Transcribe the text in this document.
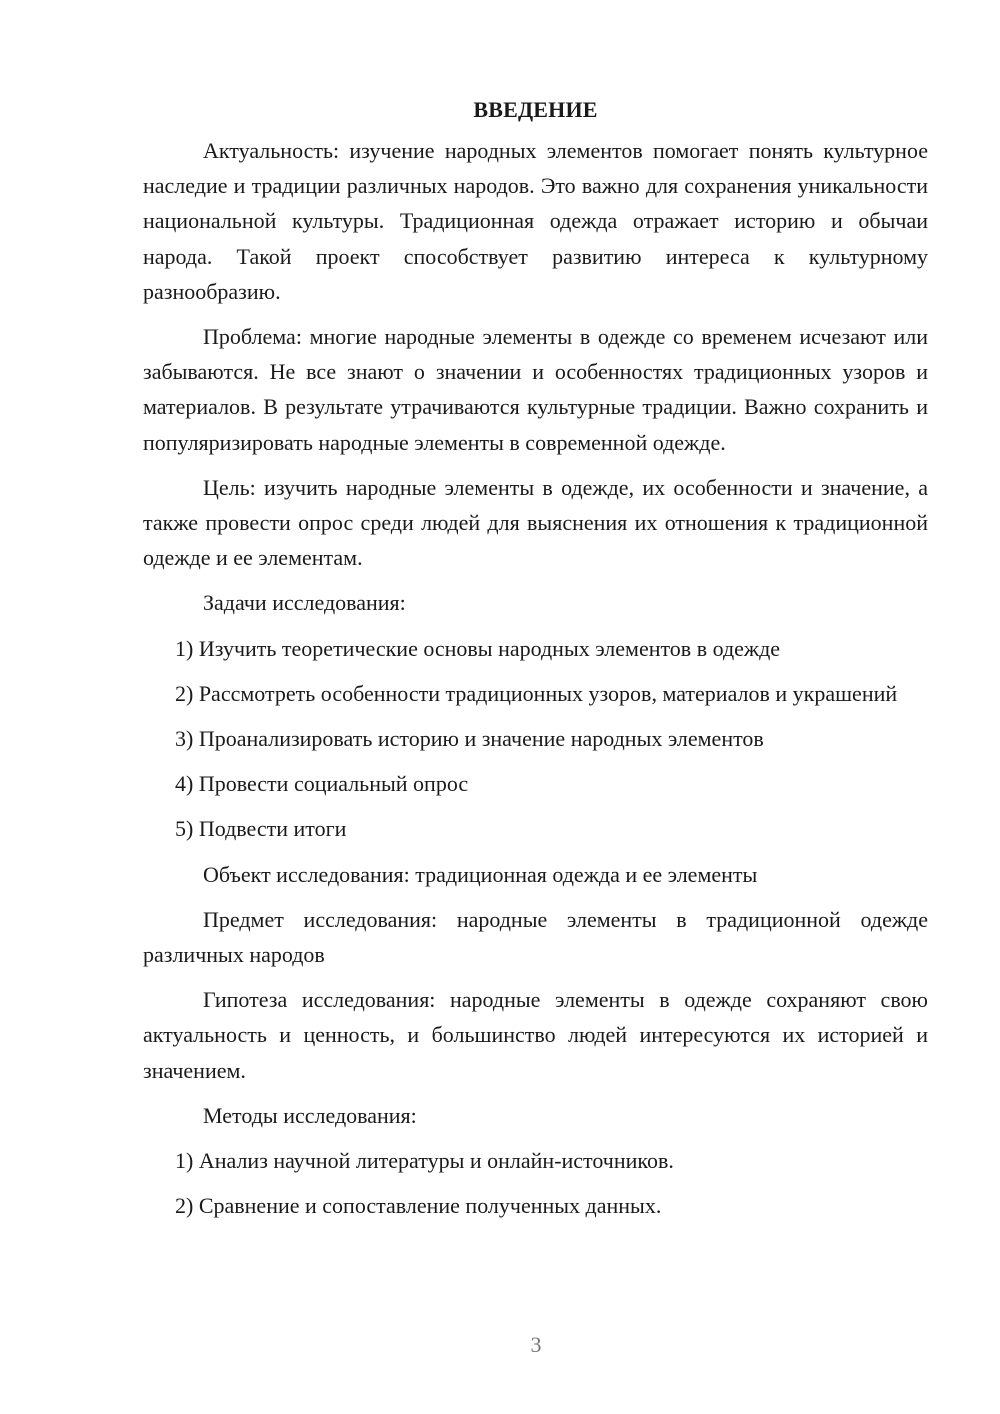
ВВЕДЕНИЕ

Актуальность: изучение народных элементов помогает понять культурное наследие и традиции различных народов. Это важно для сохранения уникальности национальной культуры. Традиционная одежда отражает историю и обычаи народа. Такой проект способствует развитию интереса к культурному разнообразию.

Проблема: многие народные элементы в одежде со временем исчезают или забываются. Не все знают о значении и особенностях традиционных узоров и материалов. В результате утрачиваются культурные традиции. Важно сохранить и популяризировать народные элементы в современной одежде.

Цель: изучить народные элементы в одежде, их особенности и значение, а также провести опрос среди людей для выяснения их отношения к традиционной одежде и ее элементам.

Задачи исследования:

1) Изучить теоретические основы народных элементов в одежде

2) Рассмотреть особенности традиционных узоров, материалов и украшений

3) Проанализировать историю и значение народных элементов

4) Провести социальный опрос

5) Подвести итоги

Объект исследования: традиционная одежда и ее элементы

Предмет исследования: народные элементы в традиционной одежде различных народов

Гипотеза исследования: народные элементы в одежде сохраняют свою актуальность и ценность, и большинство людей интересуются их историей и значением.

Методы исследования:

1) Анализ научной литературы и онлайн-источников.

2) Сравнение и сопоставление полученных данных.

3
